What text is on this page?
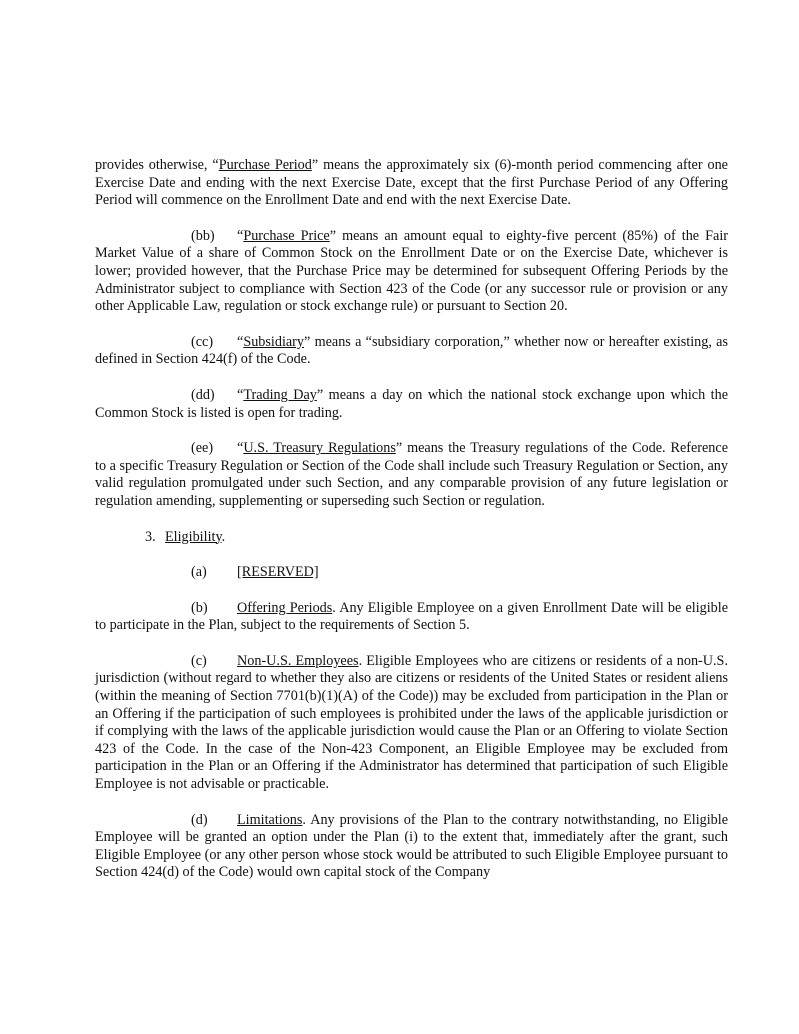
provides otherwise, “Purchase Period” means the approximately six (6)-month period commencing after one Exercise Date and ending with the next Exercise Date, except that the first Purchase Period of any Offering Period will commence on the Enrollment Date and end with the next Exercise Date.

(bb) “Purchase Price” means an amount equal to eighty-five percent (85%) of the Fair Market Value of a share of Common Stock on the Enrollment Date or on the Exercise Date, whichever is lower; provided however, that the Purchase Price may be determined for subsequent Offering Periods by the Administrator subject to compliance with Section 423 of the Code (or any successor rule or provision or any other Applicable Law, regulation or stock exchange rule) or pursuant to Section 20.

(cc) “Subsidiary” means a “subsidiary corporation,” whether now or hereafter existing, as defined in Section 424(f) of the Code.

(dd) “Trading Day” means a day on which the national stock exchange upon which the Common Stock is listed is open for trading.

(ee) “U.S. Treasury Regulations” means the Treasury regulations of the Code. Reference to a specific Treasury Regulation or Section of the Code shall include such Treasury Regulation or Section, any valid regulation promulgated under such Section, and any comparable provision of any future legislation or regulation amending, supplementing or superseding such Section or regulation.

3. Eligibility.

(a) [RESERVED]

(b) Offering Periods. Any Eligible Employee on a given Enrollment Date will be eligible to participate in the Plan, subject to the requirements of Section 5.

(c) Non-U.S. Employees. Eligible Employees who are citizens or residents of a non-U.S. jurisdiction (without regard to whether they also are citizens or residents of the United States or resident aliens (within the meaning of Section 7701(b)(1)(A) of the Code)) may be excluded from participation in the Plan or an Offering if the participation of such employees is prohibited under the laws of the applicable jurisdiction or if complying with the laws of the applicable jurisdiction would cause the Plan or an Offering to violate Section 423 of the Code. In the case of the Non-423 Component, an Eligible Employee may be excluded from participation in the Plan or an Offering if the Administrator has determined that participation of such Eligible Employee is not advisable or practicable.

(d) Limitations. Any provisions of the Plan to the contrary notwithstanding, no Eligible Employee will be granted an option under the Plan (i) to the extent that, immediately after the grant, such Eligible Employee (or any other person whose stock would be attributed to such Eligible Employee pursuant to Section 424(d) of the Code) would own capital stock of the Company
